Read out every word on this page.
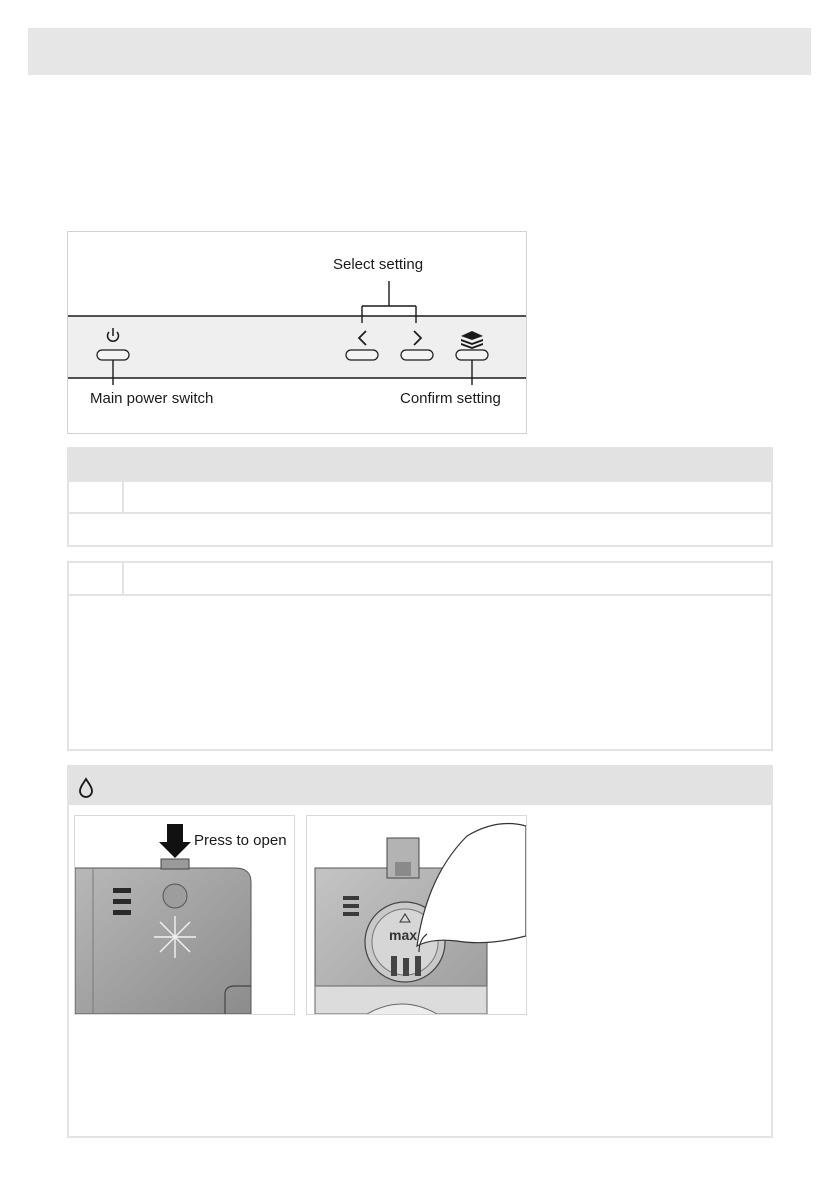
Select setting
Main power switch	Confirm setting
Press to open
max
